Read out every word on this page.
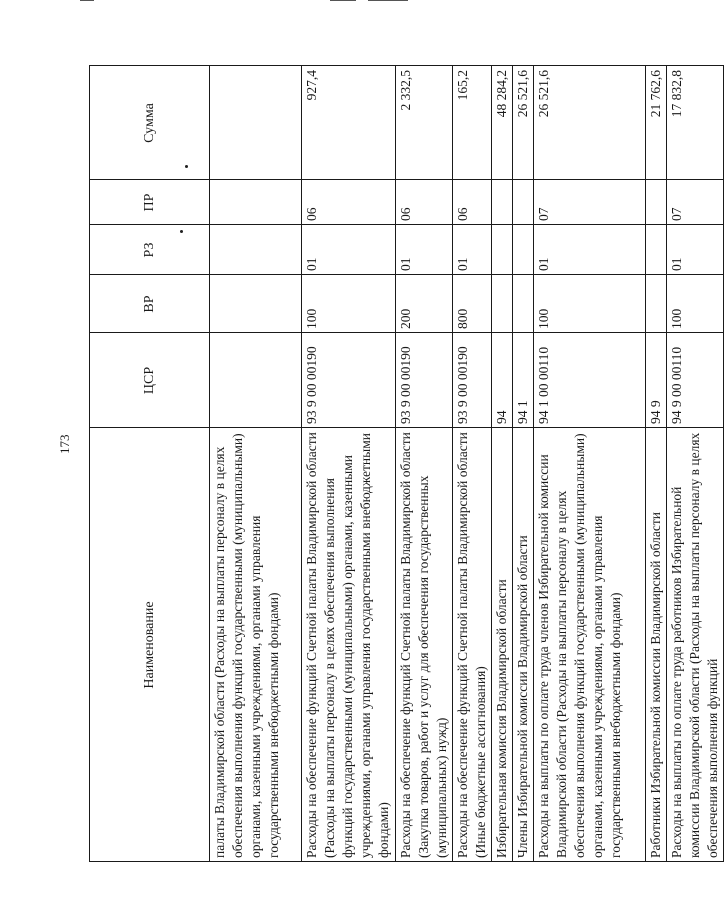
173
Наименование	ЦСР	ВР	РЗ	ПР	Сумма
палаты Владимирской области (Расходы на выплаты персоналу в целях обеспечения выполнения функций государственными (муниципальными) органами, казенными учреждениями, органами управления государственными внебюджетными фондами)					
Расходы на обеспечение функций Счетной палаты Владимирской области (Расходы на выплаты персоналу в целях обеспечения выполнения функций государственными (муниципальными) органами, казенными учреждениями, органами управления государственными внебюджетными фондами)	93 9 00 00190	100	01	06	927,4
Расходы на обеспечение функций Счетной палаты Владимирской области (Закупка товаров, работ и услуг для обеспечения государственных (муниципальных) нужд)	93 9 00 00190	200	01	06	2 332,5
Расходы на обеспечение функций Счетной палаты Владимирской области (Иные бюджетные ассигнования)	93 9 00 00190	800	01	06	165,2
Избирательная комиссия Владимирской области	94				48 284,2
Члены Избирательной комиссии Владимирской области	94 1				26 521,6
Расходы на выплаты по оплате труда членов Избирательной комиссии Владимирской области (Расходы на выплаты персоналу в целях обеспечения выполнения функций государственными (муниципальными) органами, казенными учреждениями, органами управления государственными внебюджетными фондами)	94 1 00 00110	100	01	07	26 521,6
Работники Избирательной комиссии Владимирской области	94 9				21 762,6
Расходы на выплаты по оплате труда работников Избирательной комиссии Владимирской области (Расходы на выплаты персоналу в целях обеспечения выполнения функций	94 9 00 00110	100	01	07	17 832,8
